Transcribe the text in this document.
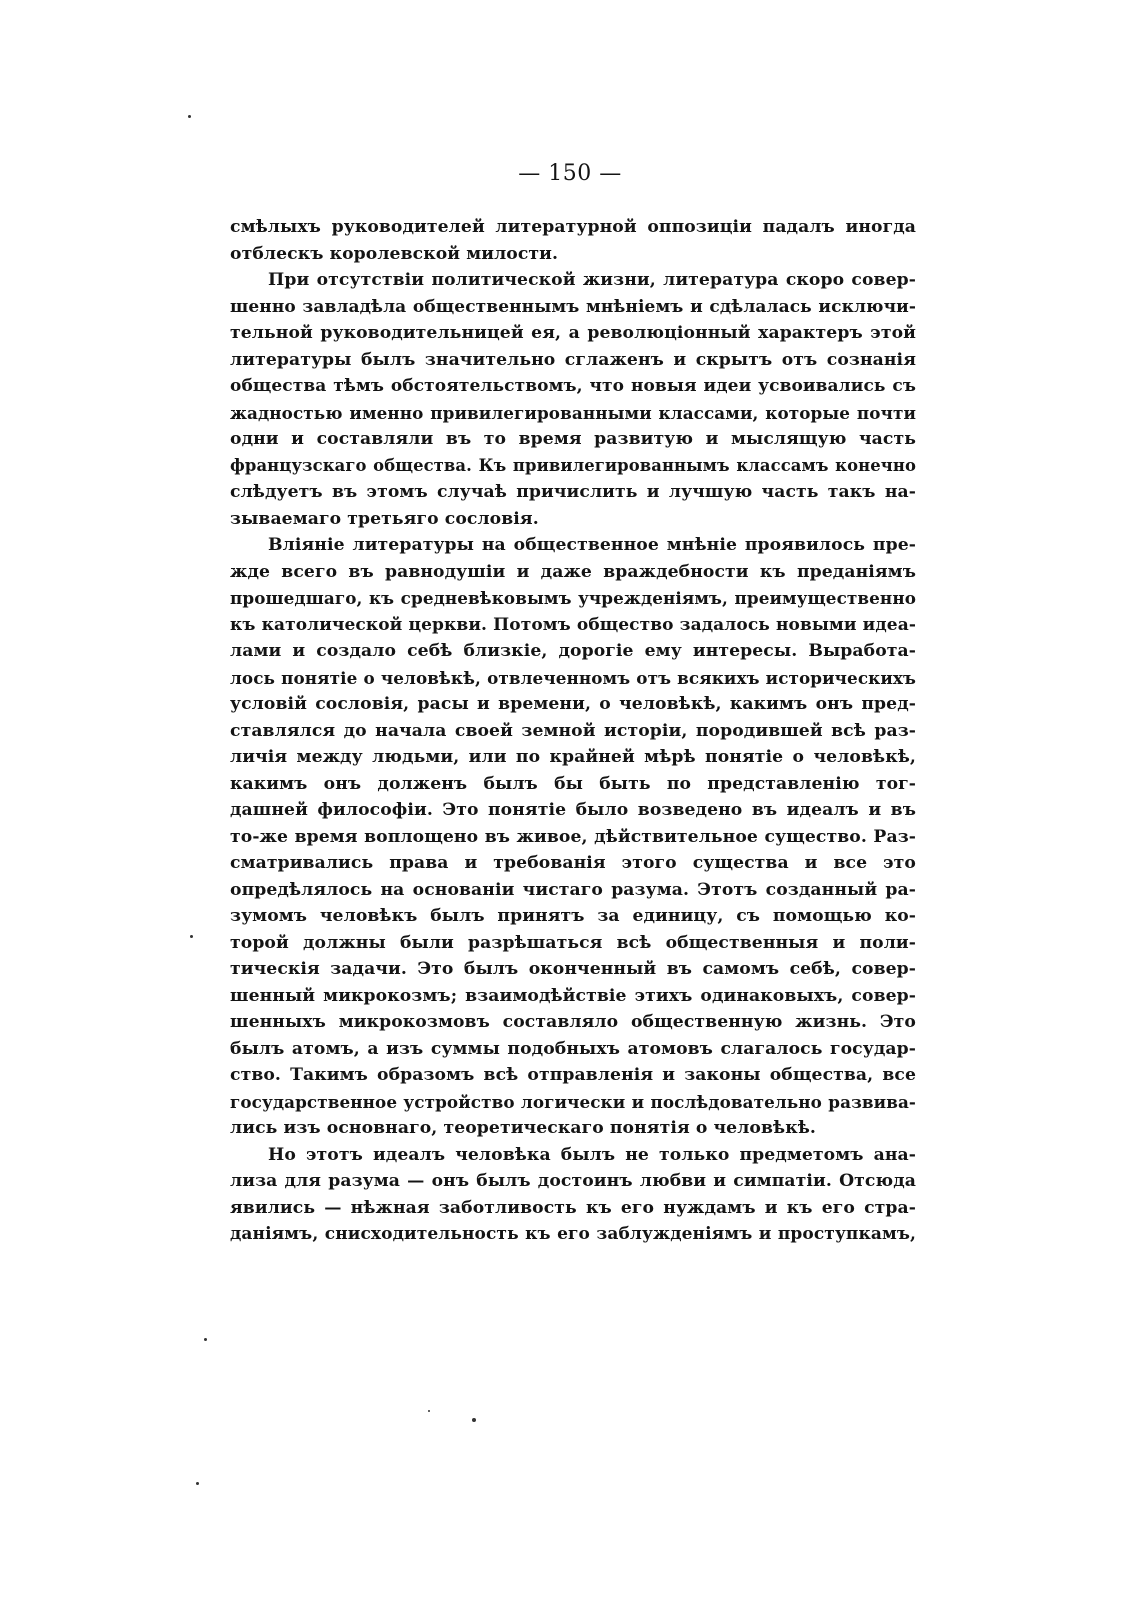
— 150 —
смѣлыхъ руководителей литературной оппозиціи падалъ иногда
отблескъ королевской милости.
При отсутствіи политической жизни, литература скоро совер-
шенно завладѣла общественнымъ мнѣніемъ и сдѣлалась исключи-
тельной руководительницей ея, а революціонный характеръ этой
литературы былъ значительно сглаженъ и скрытъ отъ сознанія
общества тѣмъ обстоятельствомъ, что новыя идеи усвоивались съ
жадностью именно привилегированными классами, которые почти
одни и составляли въ то время развитую и мыслящую часть
французскаго общества. Къ привилегированнымъ классамъ конечно
слѣдуетъ въ этомъ случаѣ причислить и лучшую часть такъ на-
зываемаго третьяго сословія.
Вліяніе литературы на общественное мнѣніе проявилось пре-
жде всего въ равнодушіи и даже враждебности къ преданіямъ
прошедшаго, къ средневѣковымъ учрежденіямъ, преимущественно
къ католической церкви. Потомъ общество задалось новыми идеа-
лами и создало себѣ близкіе, дорогіе ему интересы. Выработа-
лось понятіе о человѣкѣ, отвлеченномъ отъ всякихъ историческихъ
условій сословія, расы и времени, о человѣкѣ, какимъ онъ пред-
ставлялся до начала своей земной исторіи, породившей всѣ раз-
личія между людьми, или по крайней мѣрѣ понятіе о человѣкѣ,
какимъ онъ долженъ былъ бы быть по представленію тог-
дашней философіи. Это понятіе было возведено въ идеалъ и въ
то-же время воплощено въ живое, дѣйствительное существо. Раз-
сматривались права и требованія этого существа и все это
опредѣлялось на основаніи чистаго разума. Этотъ созданный ра-
зумомъ человѣкъ былъ принятъ за единицу, съ помощью ко-
торой должны были разрѣшаться всѣ общественныя и поли-
тическія задачи. Это былъ оконченный въ самомъ себѣ, совер-
шенный микрокозмъ; взаимодѣйствіе этихъ одинаковыхъ, совер-
шенныхъ микрокозмовъ составляло общественную жизнь. Это
былъ атомъ, а изъ суммы подобныхъ атомовъ слагалось государ-
ство. Такимъ образомъ всѣ отправленія и законы общества, все
государственное устройство логически и послѣдовательно развива-
лись изъ основнаго, теоретическаго понятія о человѣкѣ.
Но этотъ идеалъ человѣка былъ не только предметомъ ана-
лиза для разума — онъ былъ достоинъ любви и симпатіи. Отсюда
явились — нѣжная заботливость къ его нуждамъ и къ его стра-
даніямъ, снисходительность къ его заблужденіямъ и проступкамъ,
